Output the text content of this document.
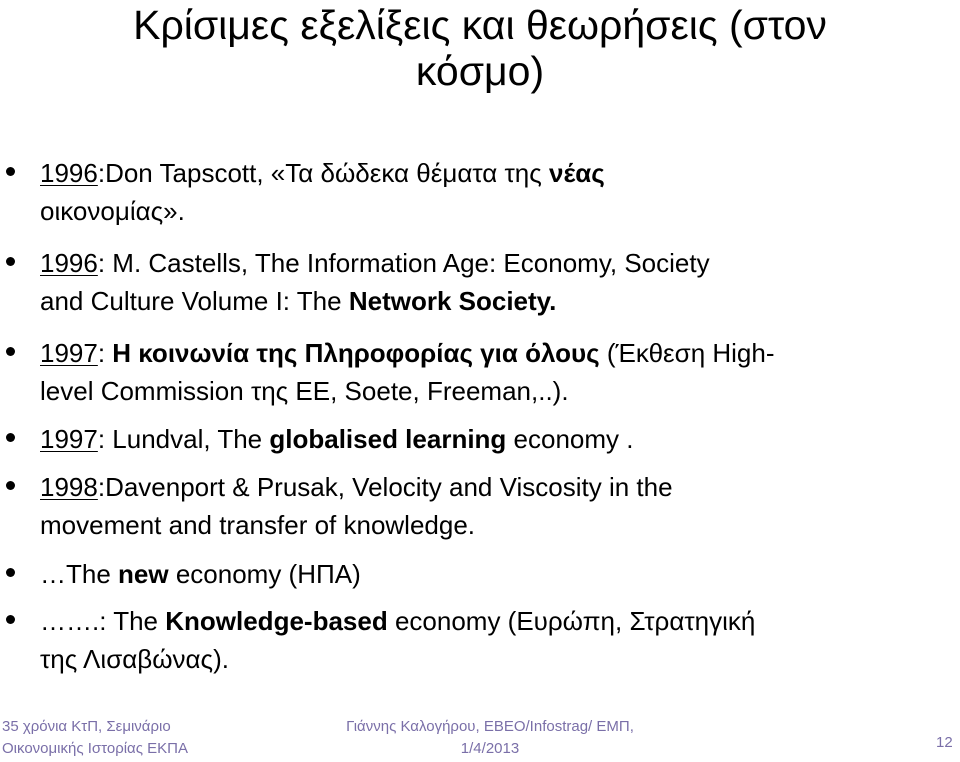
Κρίσιμες εξελίξεις και θεωρήσεις (στον
κόσμο)
1996:Don Tapscott, «Τα δώδεκα θέματα της νέας
οικονομίας».
1996: M. Castells, The Information Age: Economy, Society
and Culture Volume I: The Network Society.
1997: Η κοινωνία της Πληροφορίας για όλους (Έκθεση High-
level Commission της ΕΕ, Soete, Freeman,..).
1997: Lundval, The globalised learning economy .
1998:Davenport & Prusak, Velocity and Viscosity in the
movement and transfer of knowledge.
…The new economy (ΗΠΑ)
…….: The Knowledge-based economy (Ευρώπη, Στρατηγική
της Λισαβώνας).
35 χρόνια ΚτΠ, Σεμινάριο
Οικονομικής Ιστορίας ΕΚΠΑ
Γιάννης Καλογήρου, ΕΒΕΟ/Infostrag/ ΕΜΠ,
1/4/2013	12
